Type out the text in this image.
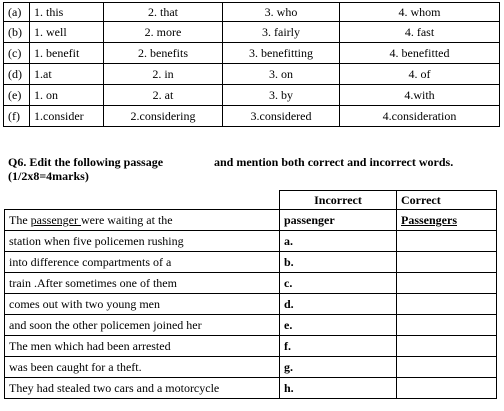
(a)	1. this	2. that	3. who	4. whom
(b)	1. well	2. more	3. fairly	4. fast
(c)	1. benefit	2. benefits	3. benefitting	4. benefitted
(d)	1.at	2. in	3. on	4. of
(e)	1. on	2. at	3. by	4.with
(f)	1.consider	2.considering	3.considered	4.consideration
Q6. Edit the following passage	and mention both correct and incorrect words.
(1/2x8=4marks)
	Incorrect	Correct
The passenger were waiting at the	passenger	Passengers
station when five policemen rushing	a.	
into difference compartments of a	b.	
train .After sometimes one of them	c.	
comes out with two young men	d.	
and soon the other policemen joined her	e.	
The men which had been arrested	f.	
was been caught for a theft.	g.	
They had stealed two cars and a motorcycle	h.	
